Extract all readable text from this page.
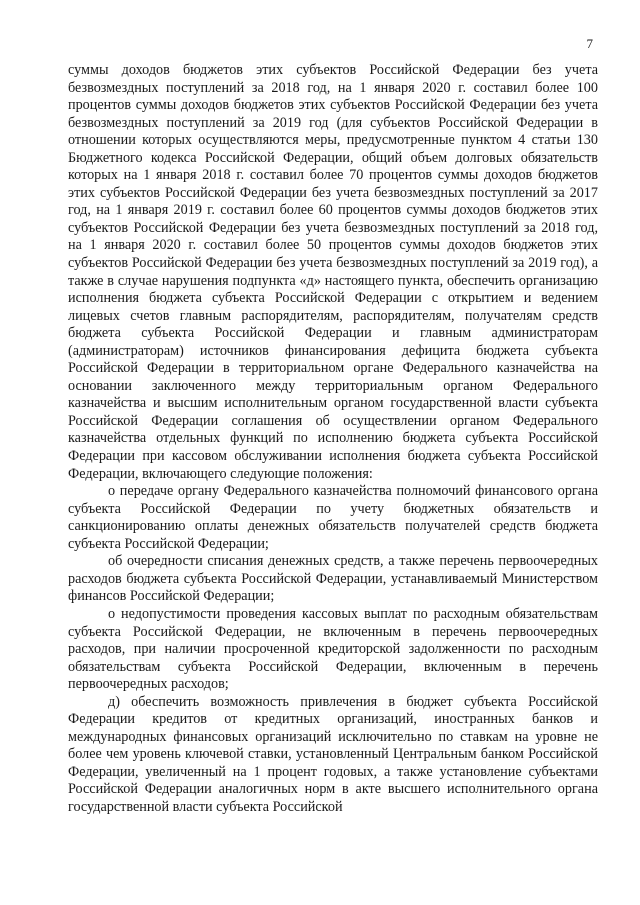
7

суммы доходов бюджетов этих субъектов Российской Федерации без учета безвозмездных поступлений за 2018 год, на 1 января 2020 г. составил более 100 процентов суммы доходов бюджетов этих субъектов Российской Федерации без учета безвозмездных поступлений за 2019 год (для субъектов Российской Федерации в отношении которых осуществляются меры, предусмотренные пунктом 4 статьи 130 Бюджетного кодекса Российской Федерации, общий объем долговых обязательств которых на 1 января 2018 г. составил более 70 процентов суммы доходов бюджетов этих субъектов Российской Федерации без учета безвозмездных поступлений за 2017 год, на 1 января 2019 г. составил более 60 процентов суммы доходов бюджетов этих субъектов Российской Федерации без учета безвозмездных поступлений за 2018 год, на 1 января 2020 г. составил более 50 процентов суммы доходов бюджетов этих субъектов Российской Федерации без учета безвозмездных поступлений за 2019 год), а также в случае нарушения подпункта «д» настоящего пункта, обеспечить организацию исполнения бюджета субъекта Российской Федерации с открытием и ведением лицевых счетов главным распорядителям, распорядителям, получателям средств бюджета субъекта Российской Федерации и главным администраторам (администраторам) источников финансирования дефицита бюджета субъекта Российской Федерации в территориальном органе Федерального казначейства на основании заключенного между территориальным органом Федерального казначейства и высшим исполнительным органом государственной власти субъекта Российской Федерации соглашения об осуществлении органом Федерального казначейства отдельных функций по исполнению бюджета субъекта Российской Федерации при кассовом обслуживании исполнения бюджета субъекта Российской Федерации, включающего следующие положения:

о передаче органу Федерального казначейства полномочий финансового органа субъекта Российской Федерации по учету бюджетных обязательств и санкционированию оплаты денежных обязательств получателей средств бюджета субъекта Российской Федерации;

об очередности списания денежных средств, а также перечень первоочередных расходов бюджета субъекта Российской Федерации, устанавливаемый Министерством финансов Российской Федерации;

о недопустимости проведения кассовых выплат по расходным обязательствам субъекта Российской Федерации, не включенным в перечень первоочередных расходов, при наличии просроченной кредиторской задолженности по расходным обязательствам субъекта Российской Федерации, включенным в перечень первоочередных расходов;

д) обеспечить возможность привлечения в бюджет субъекта Российской Федерации кредитов от кредитных организаций, иностранных банков и международных финансовых организаций исключительно по ставкам на уровне не более чем уровень ключевой ставки, установленный Центральным банком Российской Федерации, увеличенный на 1 процент годовых, а также установление субъектами Российской Федерации аналогичных норм в акте высшего исполнительного органа государственной власти субъекта Российской
